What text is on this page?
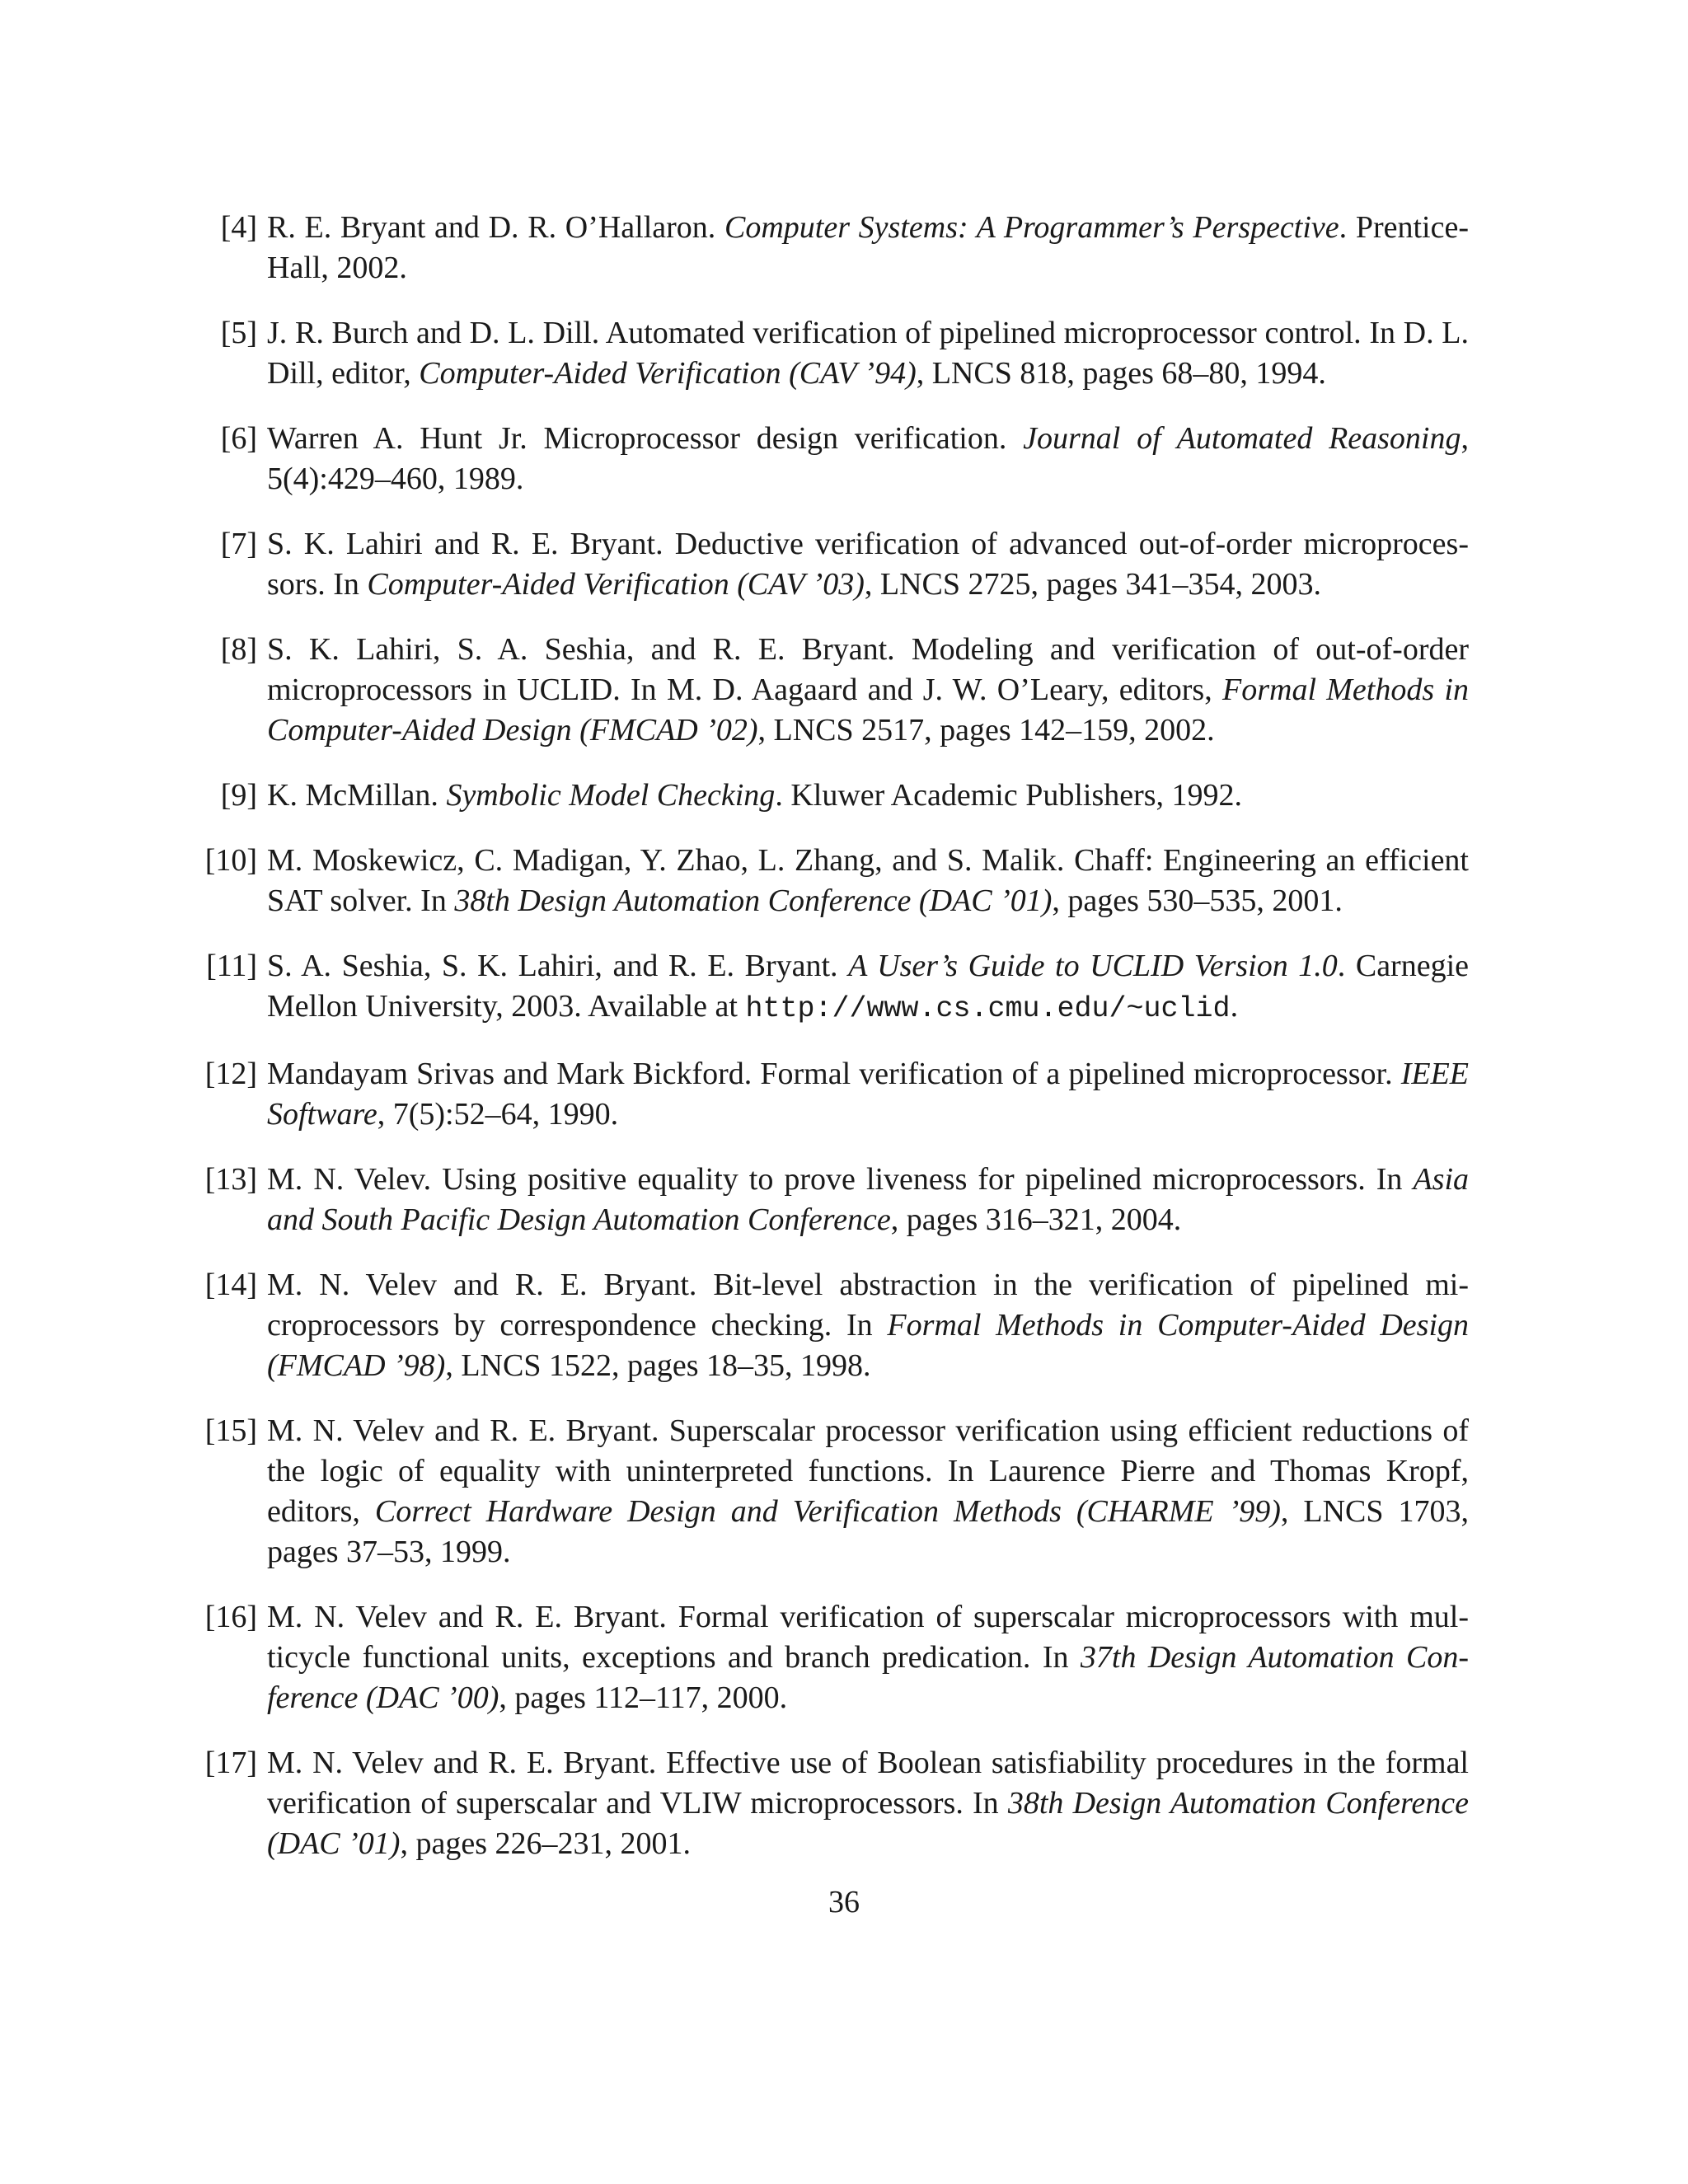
[4] R. E. Bryant and D. R. O’Hallaron. Computer Systems: A Programmer’s Perspective. Prentice-Hall, 2002.
[5] J. R. Burch and D. L. Dill. Automated verification of pipelined microprocessor control. In D. L. Dill, editor, Computer-Aided Verification (CAV ’94), LNCS 818, pages 68–80, 1994.
[6] Warren A. Hunt Jr. Microprocessor design verification. Journal of Automated Reasoning, 5(4):429–460, 1989.
[7] S. K. Lahiri and R. E. Bryant. Deductive verification of advanced out-of-order microprocessors. In Computer-Aided Verification (CAV ’03), LNCS 2725, pages 341–354, 2003.
[8] S. K. Lahiri, S. A. Seshia, and R. E. Bryant. Modeling and verification of out-of-order microprocessors in UCLID. In M. D. Aagaard and J. W. O’Leary, editors, Formal Methods in Computer-Aided Design (FMCAD ’02), LNCS 2517, pages 142–159, 2002.
[9] K. McMillan. Symbolic Model Checking. Kluwer Academic Publishers, 1992.
[10] M. Moskewicz, C. Madigan, Y. Zhao, L. Zhang, and S. Malik. Chaff: Engineering an efficient SAT solver. In 38th Design Automation Conference (DAC ’01), pages 530–535, 2001.
[11] S. A. Seshia, S. K. Lahiri, and R. E. Bryant. A User’s Guide to UCLID Version 1.0. Carnegie Mellon University, 2003. Available at http://www.cs.cmu.edu/~uclid.
[12] Mandayam Srivas and Mark Bickford. Formal verification of a pipelined microprocessor. IEEE Software, 7(5):52–64, 1990.
[13] M. N. Velev. Using positive equality to prove liveness for pipelined microprocessors. In Asia and South Pacific Design Automation Conference, pages 316–321, 2004.
[14] M. N. Velev and R. E. Bryant. Bit-level abstraction in the verification of pipelined microprocessors by correspondence checking. In Formal Methods in Computer-Aided Design (FMCAD ’98), LNCS 1522, pages 18–35, 1998.
[15] M. N. Velev and R. E. Bryant. Superscalar processor verification using efficient reductions of the logic of equality with uninterpreted functions. In Laurence Pierre and Thomas Kropf, editors, Correct Hardware Design and Verification Methods (CHARME ’99), LNCS 1703, pages 37–53, 1999.
[16] M. N. Velev and R. E. Bryant. Formal verification of superscalar microprocessors with multicycle functional units, exceptions and branch predication. In 37th Design Automation Conference (DAC ’00), pages 112–117, 2000.
[17] M. N. Velev and R. E. Bryant. Effective use of Boolean satisfiability procedures in the formal verification of superscalar and VLIW microprocessors. In 38th Design Automation Conference (DAC ’01), pages 226–231, 2001.
36
